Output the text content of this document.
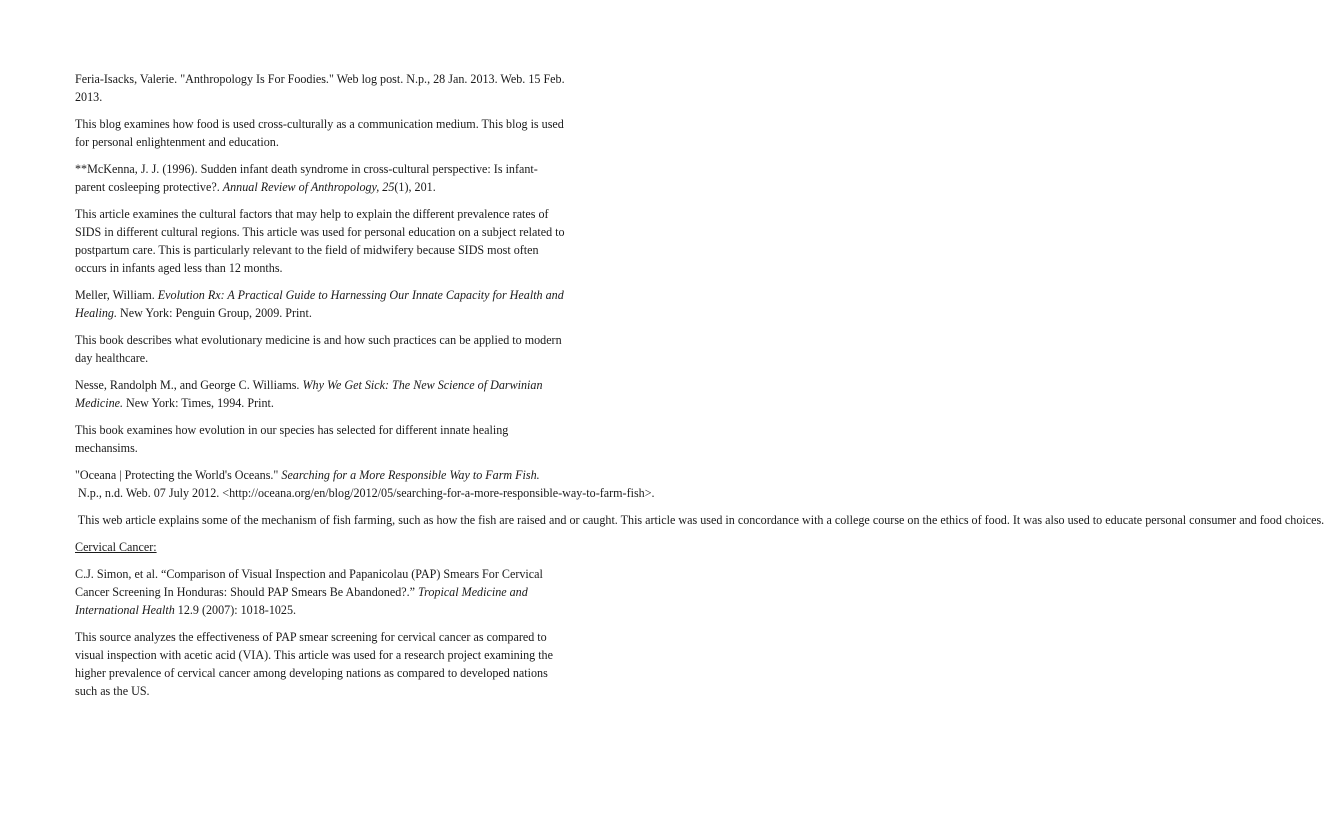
Feria-Isacks, Valerie. "Anthropology Is For Foodies." Web log post. N.p., 28 Jan. 2013. Web. 15 Feb. 2013.

This blog examines how food is used cross-culturally as a communication medium. This blog is used for personal enlightenment and education.

**McKenna, J. J. (1996). Sudden infant death syndrome in cross-cultural perspective: Is infant-parent cosleeping protective?. Annual Review of Anthropology, 25(1), 201.

This article examines the cultural factors that may help to explain the different prevalence rates of SIDS in different cultural regions. This article was used for personal education on a subject related to postpartum care. This is particularly relevant to the field of midwifery because SIDS most often occurs in infants aged less than 12 months.

Meller, William. Evolution Rx: A Practical Guide to Harnessing Our Innate Capacity for Health and Healing. New York: Penguin Group, 2009. Print.

This book describes what evolutionary medicine is and how such practices can be applied to modern day healthcare.

Nesse, Randolph M., and George C. Williams. Why We Get Sick: The New Science of Darwinian Medicine. New York: Times, 1994. Print.

This book examines how evolution in our species has selected for different innate healing mechansims.

"Oceana | Protecting the World's Oceans." Searching for a More Responsible Way to Farm Fish. N.p., n.d. Web. 07 July 2012. <http://oceana.org/en/blog/2012/05/searching-for-a-more-responsible-way-to-farm-fish>.

This web article explains some of the mechanism of fish farming, such as how the fish are raised and or caught. This article was used in concordance with a college course on the ethics of food. It was also used to educate personal consumer and food choices.

Cervical Cancer:

C.J. Simon, et al. “Comparison of Visual Inspection and Papanicolau (PAP) Smears For Cervical Cancer Screening In Honduras: Should PAP Smears Be Abandoned?.” Tropical Medicine and International Health 12.9 (2007): 1018-1025.

This source analyzes the effectiveness of PAP smear screening for cervical cancer as compared to visual inspection with acetic acid (VIA). This article was used for a research project examining the higher prevalence of cervical cancer among developing nations as compared to developed nations such as the US.
